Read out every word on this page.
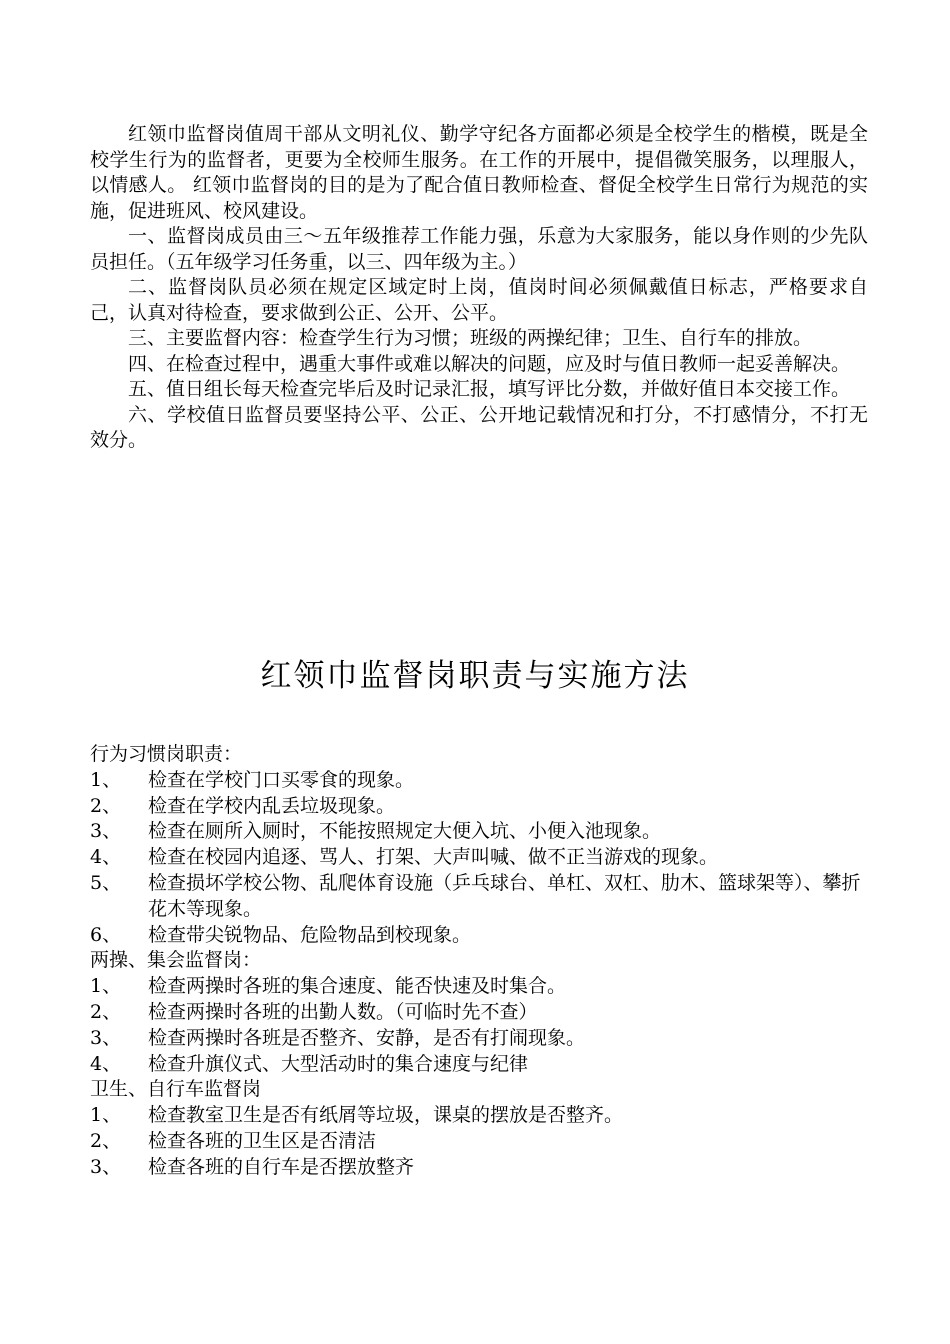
红领巾监督岗值周干部从文明礼仪、勤学守纪各方面都必须是全校学生的楷模，既是全校学生行为的监督者，更要为全校师生服务。在工作的开展中，提倡微笑服务，以理服人，以情感人。 红领巾监督岗的目的是为了配合值日教师检查、督促全校学生日常行为规范的实施，促进班风、校风建设。

一、监督岗成员由三～五年级推荐工作能力强，乐意为大家服务，能以身作则的少先队员担任。（五年级学习任务重，以三、四年级为主。）

二、监督岗队员必须在规定区域定时上岗，值岗时间必须佩戴值日标志，严格要求自己，认真对待检查，要求做到公正、公开、公平。

三、主要监督内容：检查学生行为习惯；班级的两操纪律；卫生、自行车的排放。

四、在检查过程中，遇重大事件或难以解决的问题，应及时与值日教师一起妥善解决。

五、值日组长每天检查完毕后及时记录汇报，填写评比分数，并做好值日本交接工作。

六、学校值日监督员要坚持公平、公正、公开地记载情况和打分，不打感情分，不打无效分。

红领巾监督岗职责与实施方法

行为习惯岗职责：

1、	检查在学校门口买零食的现象。
2、	检查在学校内乱丢垃圾现象。
3、	检查在厕所入厕时，不能按照规定大便入坑、小便入池现象。
4、	检查在校园内追逐、骂人、打架、大声叫喊、做不正当游戏的现象。
5、	检查损坏学校公物、乱爬体育设施（乒乓球台、单杠、双杠、肋木、篮球架等）、攀折花木等现象。
6、	检查带尖锐物品、危险物品到校现象。

两操、集会监督岗：

1、	检查两操时各班的集合速度、能否快速及时集合。
2、	检查两操时各班的出勤人数。（可临时先不查）
3、	检查两操时各班是否整齐、安静，是否有打闹现象。
4、	检查升旗仪式、大型活动时的集合速度与纪律

卫生、自行车监督岗

1、	检查教室卫生是否有纸屑等垃圾，课桌的摆放是否整齐。
2、	检查各班的卫生区是否清洁
3、	检查各班的自行车是否摆放整齐
